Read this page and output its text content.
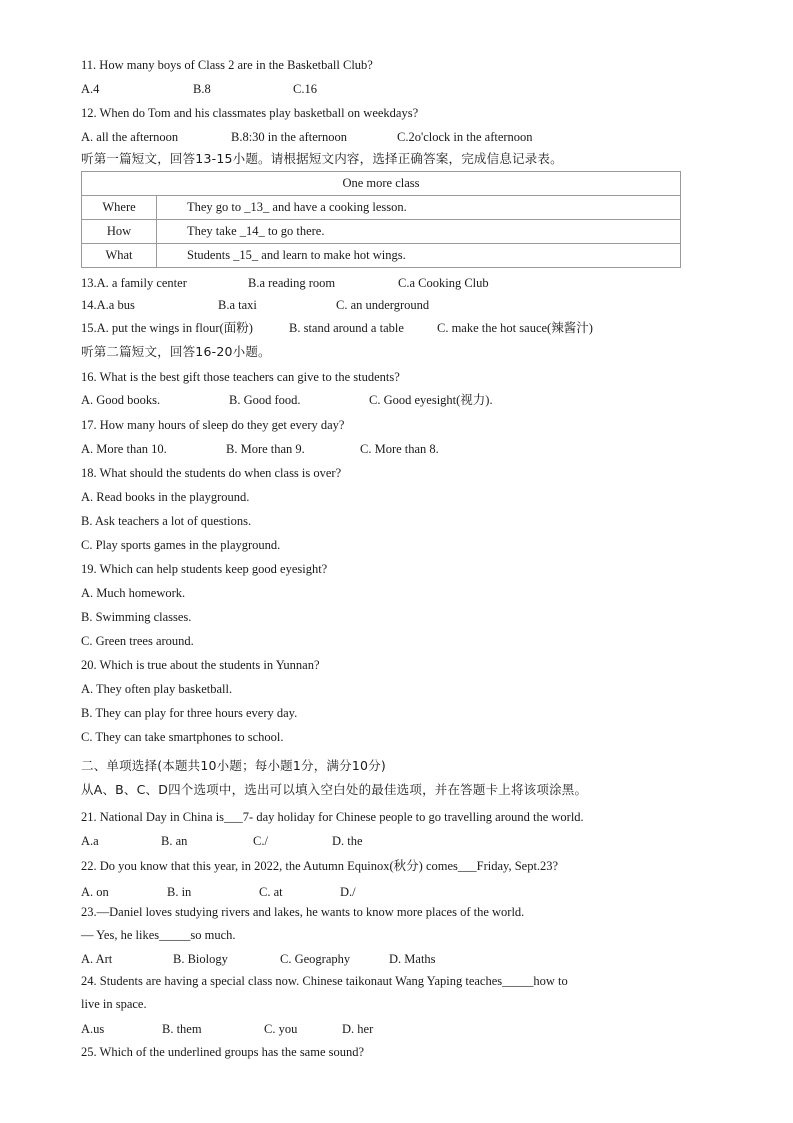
11. How many boys of Class 2 are in the Basketball Club?

A.4	B.8	C.16

12. When do Tom and his classmates play basketball on weekdays?

A. all the afternoon	B.8:30 in the afternoon	C.2o'clock in the afternoon

听第一篇短文，回答13-15小题。请根据短文内容，选择正确答案，完成信息记录表。

One more class	
Where	They go to _13_ and have a cooking lesson.
How	They take _14_ to go there.
What	Students _15_ and learn to make hot wings.

13.A. a family center	B.a reading room	C.a Cooking Club

14.A.a bus	B.a taxi	C. an underground

15.A. put the wings in flour(面粉)	B. stand around a table	C. make the hot sauce(辣酱汁)

听第二篇短文，回答16-20小题。

16. What is the best gift those teachers can give to the students?

A. Good books.	B. Good food.	C. Good eyesight(视力).

17. How many hours of sleep do they get every day?

A. More than 10.	B. More than 9.	C. More than 8.

18. What should the students do when class is over?

A. Read books in the playground.

B. Ask teachers a lot of questions.

C. Play sports games in the playground.

19. Which can help students keep good eyesight?

A. Much homework.

B. Swimming classes.

C. Green trees around.

20. Which is true about the students in Yunnan?

A. They often play basketball.

B. They can play for three hours every day.

C. They can take smartphones to school.

二、单项选择(本题共10小题；每小题1分，满分10分)

从A、B、C、D四个选项中，选出可以填入空白处的最佳选项，并在答题卡上将该项涂黑。

21. National Day in China is___7- day holiday for Chinese people to go travelling around the world.

A.a	B. an	C./	D. the

22. Do you know that this year, in 2022, the Autumn Equinox(秋分) comes___Friday, Sept.23?

A. on	B. in	C. at	D./

23.—Daniel loves studying rivers and lakes, he wants to know more places of the world.

— Yes, he likes_____so much.

A. Art	B. Biology	C. Geography	D. Maths

24. Students are having a special class now. Chinese taikonaut Wang Yaping teaches_____how to

live in space.

A.us	B. them	C. you	D. her

25. Which of the underlined groups has the same sound?
